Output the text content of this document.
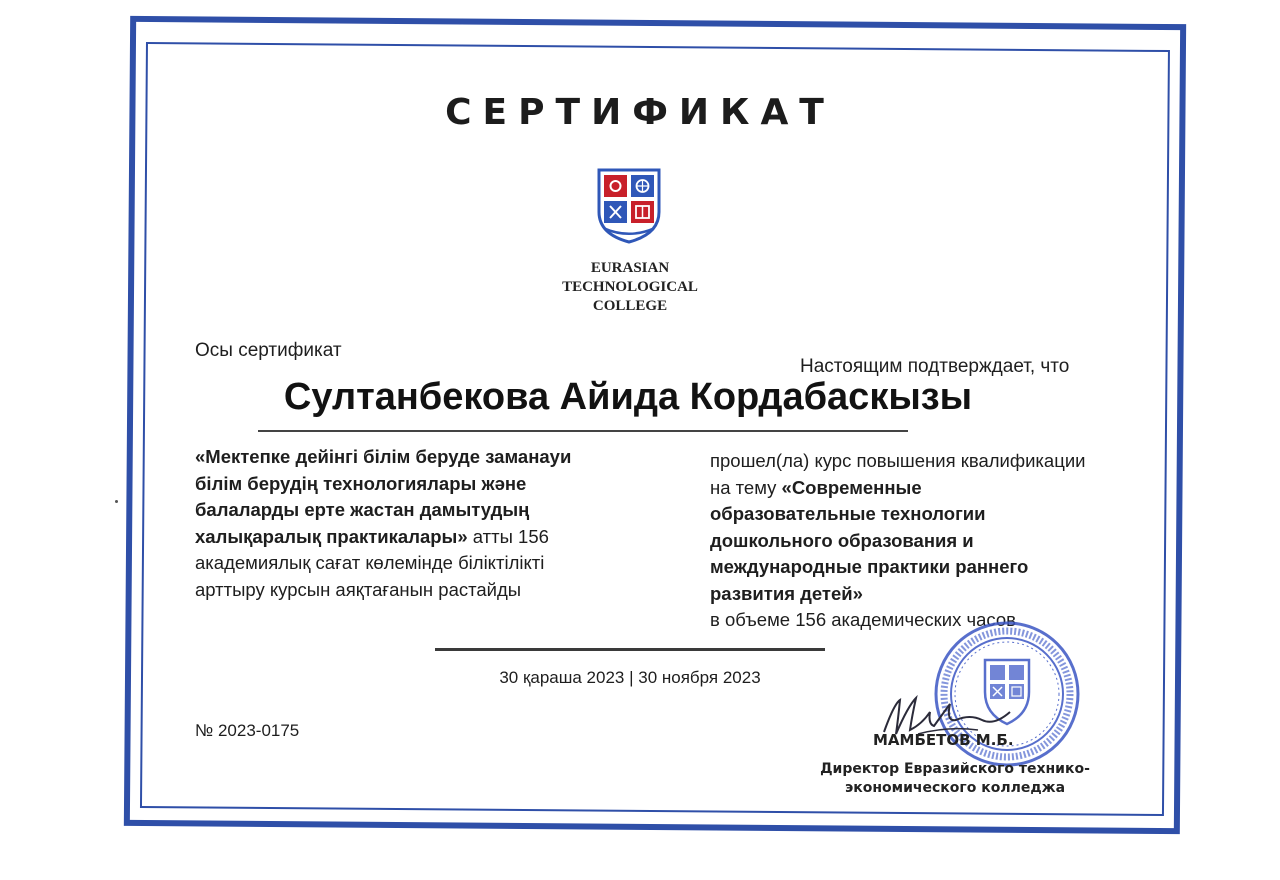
СЕРТИФИКАТ
EURASIAN
TECHNOLOGICAL
COLLEGE
Осы сертификат
Настоящим подтверждает, что
Султанбекова Айида Кордабаскызы
«Мектепке дейінгі білім беруде заманауи білім берудің технологиялары және балаларды ерте жастан дамытудың халықаралық практикалары» атты 156 академиялық сағат көлемінде біліктілікті арттыру курсын аяқтағанын растайды
прошел(ла) курс повышения квалификации на тему «Современные образовательные технологии дошкольного образования и международные практики раннего развития детей»
в объеме 156 академических часов
30 қараша 2023 | 30 ноября 2023
№ 2023-0175	МАМБЕТОВ М.Б.
Директор Евразийского технико-экономического колледжа
